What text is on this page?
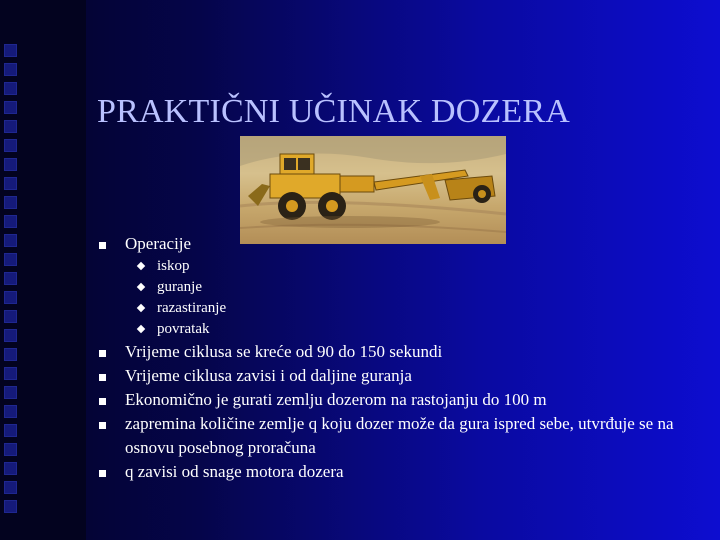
PRAKTIČNI UČINAK DOZERA
Operacije
iskop
guranje
razastiranje
povratak
Vrijeme ciklusa se kreće od 90 do 150 sekundi
Vrijeme ciklusa zavisi i od daljine guranja
Ekonomično je gurati zemlju dozerom na rastojanju do 100 m
zapremina količine zemlje q koju dozer može da gura ispred sebe, utvrđuje se na osnovu posebnog proračuna
q zavisi od snage motora dozera
